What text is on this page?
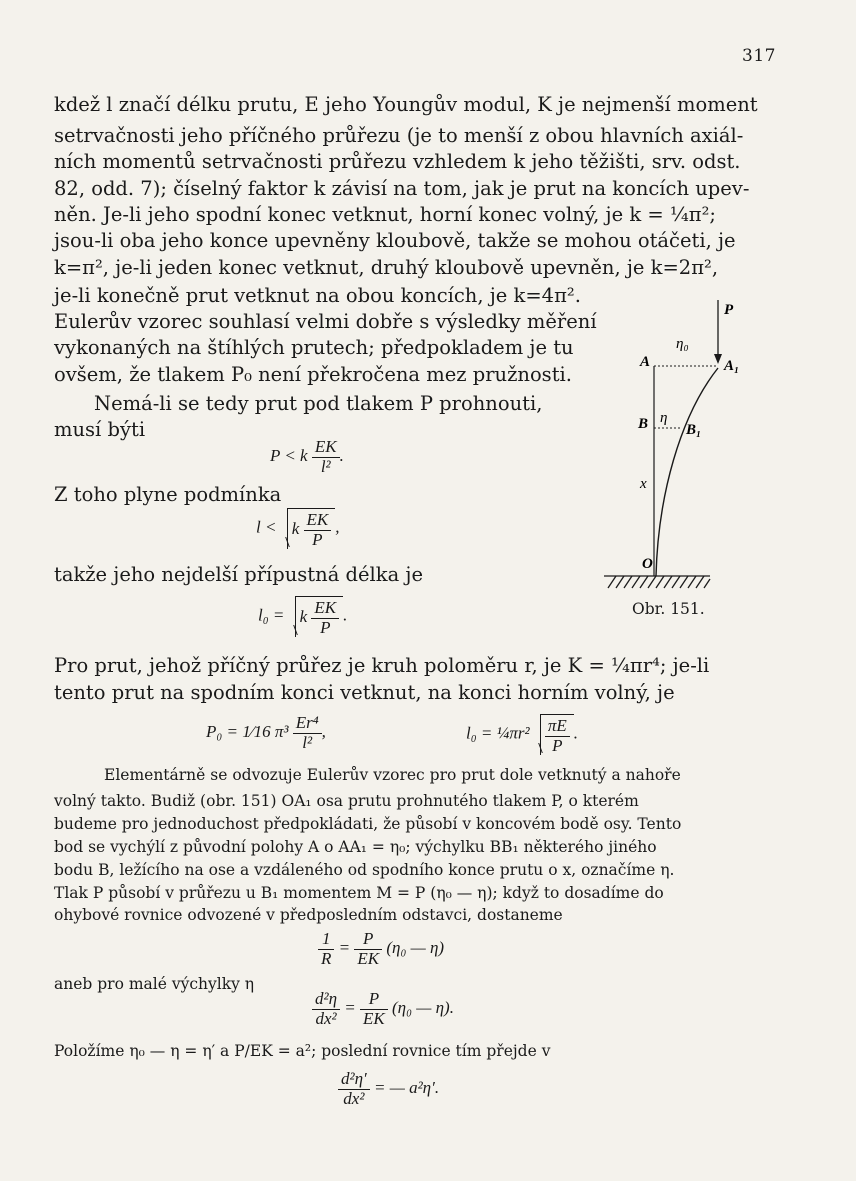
317
kdež l značí délku prutu, E jeho Youngův modul, K je nejmenší moment
setrvačnosti jeho příčného průřezu (je to menší z obou hlavních axiál-
ních momentů setrvačnosti průřezu vzhledem k jeho těžišti, srv. odst.
82, odd. 7); číselný faktor k závisí na tom, jak je prut na koncích upev-
něn. Je-li jeho spodní konec vetknut, horní konec volný, je k = ¼π²;
jsou-li oba jeho konce upevněny kloubově, takže se mohou otáčeti, je
k=π², je-li jeden konec vetknut, druhý kloubově upevněn, je k=2π²,
je-li konečně prut vetknut na obou koncích, je k=4π².
Eulerův vzorec souhlasí velmi dobře s výsledky měření
vykonaných na štíhlých prutech; předpokladem je tu
ovšem, že tlakem P₀ není překročena mez pružnosti.
Nemá-li se tedy prut pod tlakem P prohnouti,
musí býti
P < k $\frac{EK}{\text{l²}}$ .
Z toho plyne podmínka
l < k $\frac{EK}{P}$ ,
takže jeho nejdelší přípustná délka je
l₀ = k $\frac{EK}{P}$ .
P
η₀
A	A₁
B η
B₁
x
O
Obr. 151.
Pro prut, jehož příčný průřez je kruh poloměru r, je K = ¼πr⁴; je-li
tento prut na spodním konci vetknut, na konci horním volný, je
P₀ = 1⁄16 $\pi^3 \frac{\text{Er⁴}}{\text{l²}}$ ,	l₀ = ¼πr² $\frac{\pi E}{P}$ .
Elementárně se odvozuje Eulerův vzorec pro prut dole vetknutý a nahoře
volný takto. Budiž (obr. 151) OA₁ osa prutu prohnutého tlakem P, o kterém
budeme pro jednoduchost předpokládati, že působí v koncovém bodě osy. Tento
bod se vychýlí z původní polohy A o AA₁ = η₀; výchylku BB₁ některého jiného
bodu B, ležícího na ose a vzdáleného od spodního konce prutu o x, označíme η.
Tlak P působí v průřezu u B₁ momentem M = P (η₀ — η); když to dosadíme do
ohybové rovnice odvozené v předposledním odstavci, dostaneme
$\frac{1}{R} = \frac{P}{EK} (\eta_0$ — η)
aneb pro malé výchylky η
$\frac{\text{d²η}}{\text{dx²}} = \frac{P}{EK} (\eta_0$ — η).
Položíme η₀ — η = η′ a P/EK = a²; poslední rovnice tím přejde v
$\frac{\text{d²η′}}{\text{dx²}}$ = — a²η′.
